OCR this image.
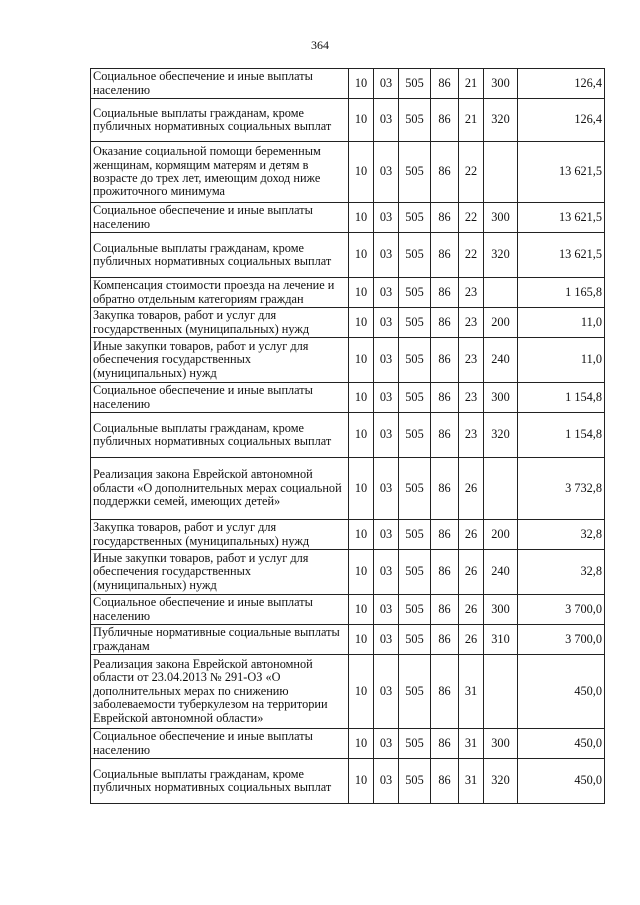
364
Социальное обеспечение и иные выплаты населению	10	03	505	86	21	300	126,4
Социальные выплаты гражданам, кроме публичных нормативных социальных выплат	10	03	505	86	21	320	126,4
Оказание социальной помощи беременным женщинам, кормящим матерям и детям в возрасте до трех лет, имеющим доход ниже прожиточного минимума	10	03	505	86	22		13 621,5
Социальное обеспечение и иные выплаты населению	10	03	505	86	22	300	13 621,5
Социальные выплаты гражданам, кроме публичных нормативных социальных выплат	10	03	505	86	22	320	13 621,5
Компенсация стоимости проезда на лечение и обратно отдельным категориям граждан	10	03	505	86	23		1 165,8
Закупка товаров, работ и услуг для государственных (муниципальных) нужд	10	03	505	86	23	200	11,0
Иные закупки товаров, работ и услуг для обеспечения государственных (муниципальных) нужд	10	03	505	86	23	240	11,0
Социальное обеспечение и иные выплаты населению	10	03	505	86	23	300	1 154,8
Социальные выплаты гражданам, кроме публичных нормативных социальных выплат	10	03	505	86	23	320	1 154,8
Реализация закона Еврейской автономной области «О дополнительных мерах социальной поддержки семей, имеющих детей»	10	03	505	86	26		3 732,8
Закупка товаров, работ и услуг для государственных (муниципальных) нужд	10	03	505	86	26	200	32,8
Иные закупки товаров, работ и услуг для обеспечения государственных (муниципальных) нужд	10	03	505	86	26	240	32,8
Социальное обеспечение и иные выплаты населению	10	03	505	86	26	300	3 700,0
Публичные нормативные социальные выплаты гражданам	10	03	505	86	26	310	3 700,0
Реализация закона Еврейской автономной области от 23.04.2013 № 291-ОЗ «О дополнительных мерах по снижению заболеваемости туберкулезом на территории Еврейской автономной области»	10	03	505	86	31		450,0
Социальное обеспечение и иные выплаты населению	10	03	505	86	31	300	450,0
Социальные выплаты гражданам, кроме публичных нормативных социальных выплат	10	03	505	86	31	320	450,0
